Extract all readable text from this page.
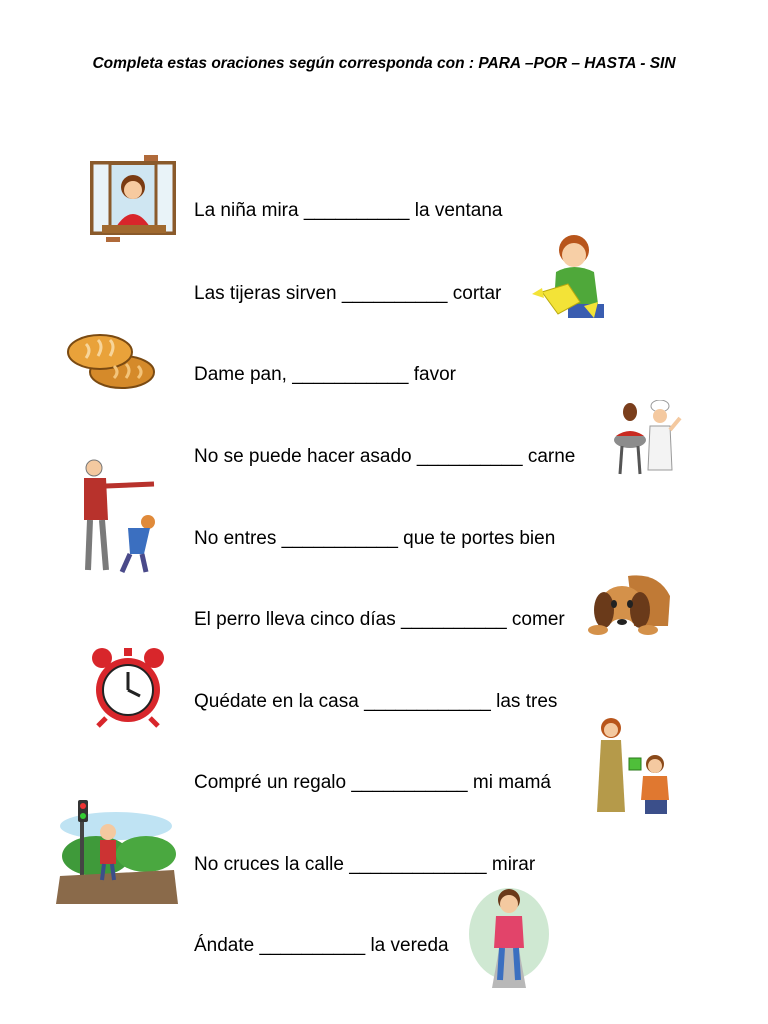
Completa estas oraciones según corresponda con : PARA –POR – HASTA - SIN
La niña mira __________ la ventana
Las tijeras sirven __________ cortar
Dame pan, ___________ favor
No se puede hacer asado __________ carne
No entres ___________ que te portes bien
El perro lleva cinco días __________ comer
Quédate en la casa ____________ las tres
Compré un regalo ___________ mi mamá
No cruces la calle _____________ mirar
Ándate __________ la vereda
